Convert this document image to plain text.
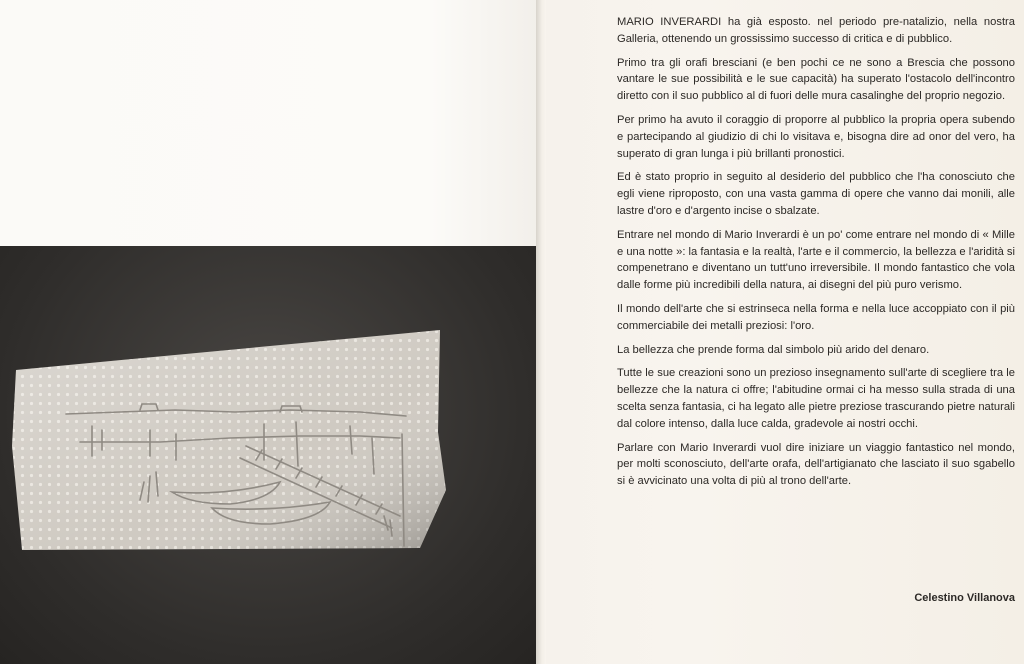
MARIO INVERARDI ha già esposto. nel periodo pre-natalizio, nella nostra Galleria, ottenendo un grossissimo successo di critica e di pubblico.

Primo tra gli orafi bresciani (e ben pochi ce ne sono a Brescia che possono vantare le sue possibilità e le sue capacità) ha superato l'ostacolo dell'incontro diretto con il suo pubblico al di fuori delle mura casalinghe del proprio negozio.

Per primo ha avuto il coraggio di proporre al pubblico la propria opera subendo e partecipando al giudizio di chi lo visitava e, bisogna dire ad onor del vero, ha superato di gran lunga i più brillanti pronostici.

Ed è stato proprio in seguito al desiderio del pubblico che l'ha conosciuto che egli viene riproposto, con una vasta gamma di opere che vanno dai monili, alle lastre d'oro e d'argento incise o sbalzate.

Entrare nel mondo di Mario Inverardi è un po' come entrare nel mondo di « Mille e una notte »: la fantasia e la realtà, l'arte e il commercio, la bellezza e l'aridità si compenetrano e diventano un tutt'uno irreversibile. Il mondo fantastico che vola dalle forme più incredibili della natura, ai disegni del più puro verismo.

Il mondo dell'arte che si estrinseca nella forma e nella luce accoppiato con il più commerciabile dei metalli preziosi: l'oro.

La bellezza che prende forma dal simbolo più arido del denaro.

Tutte le sue creazioni sono un prezioso insegnamento sull'arte di scegliere tra le bellezze che la natura ci offre; l'abitudine ormai ci ha messo sulla strada di una scelta senza fantasia, ci ha legato alle pietre preziose trascurando pietre naturali dal colore intenso, dalla luce calda, gradevole ai nostri occhi.

Parlare con Mario Inverardi vuol dire iniziare un viaggio fantastico nel mondo, per molti sconosciuto, dell'arte orafa, dell'artigianato che lasciato il suo sgabello si è avvicinato una volta di più al trono dell'arte.

Celestino Villanova
